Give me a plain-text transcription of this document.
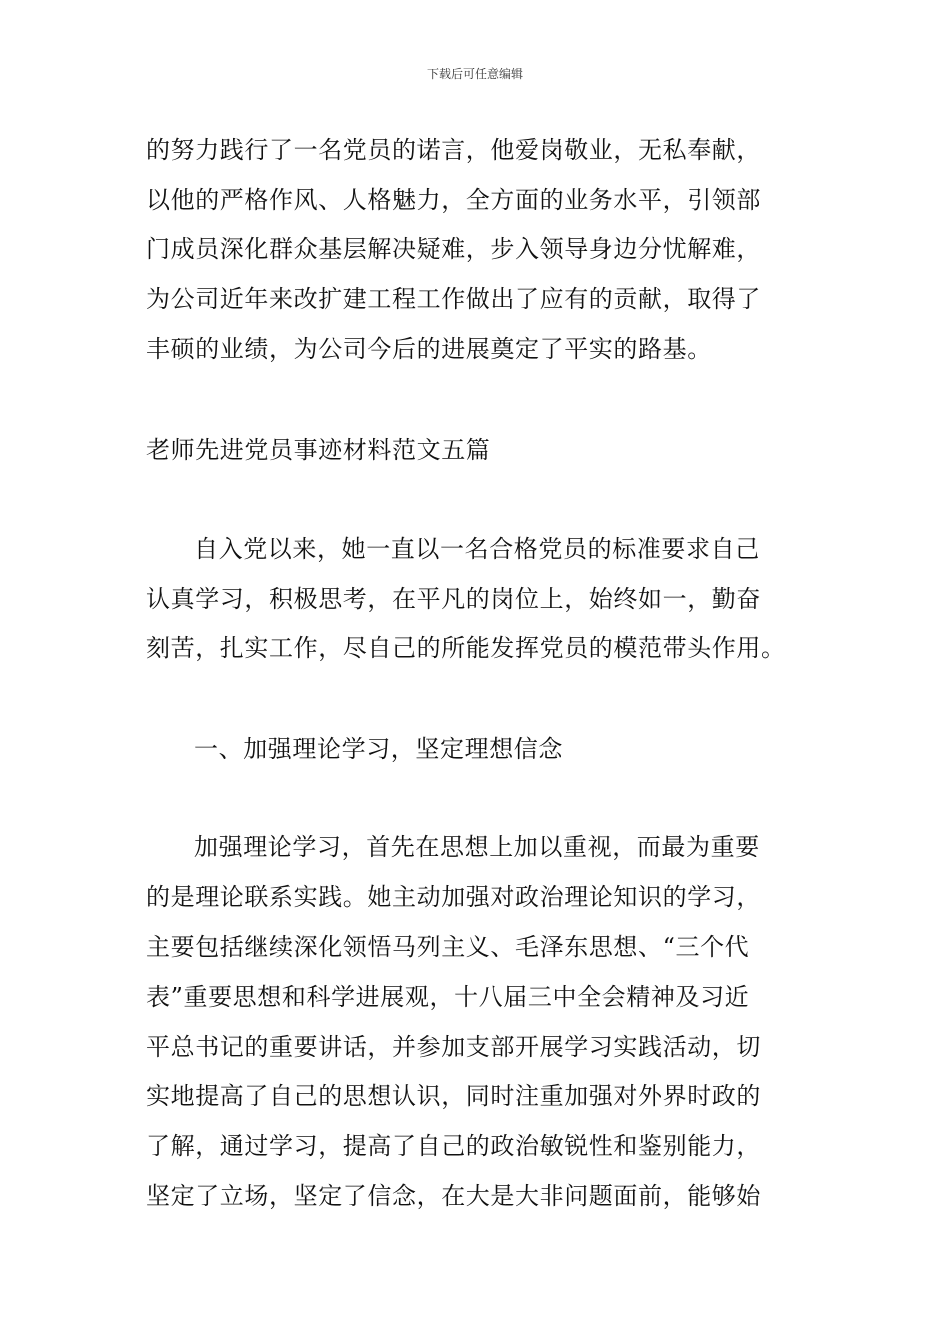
下载后可任意编辑
的努力践行了一名党员的诺言，他爱岗敬业，无私奉献，
以他的严格作风、人格魅力，全方面的业务水平，引领部
门成员深化群众基层解决疑难，步入领导身边分忧解难，
为公司近年来改扩建工程工作做出了应有的贡献，取得了
丰硕的业绩，为公司今后的进展奠定了平实的路基。
老师先进党员事迹材料范文五篇
自入党以来，她一直以一名合格党员的标准要求自己
认真学习，积极思考，在平凡的岗位上，始终如一，勤奋
刻苦，扎实工作，尽自己的所能发挥党员的模范带头作用。
一、加强理论学习，坚定理想信念
加强理论学习，首先在思想上加以重视，而最为重要
的是理论联系实践。她主动加强对政治理论知识的学习，
主要包括继续深化领悟马列主义、毛泽东思想、“三个代
表”重要思想和科学进展观，十八届三中全会精神及习近
平总书记的重要讲话，并参加支部开展学习实践活动，切
实地提高了自己的思想认识，同时注重加强对外界时政的
了解，通过学习，提高了自己的政治敏锐性和鉴别能力，
坚定了立场，坚定了信念，在大是大非问题面前，能够始
